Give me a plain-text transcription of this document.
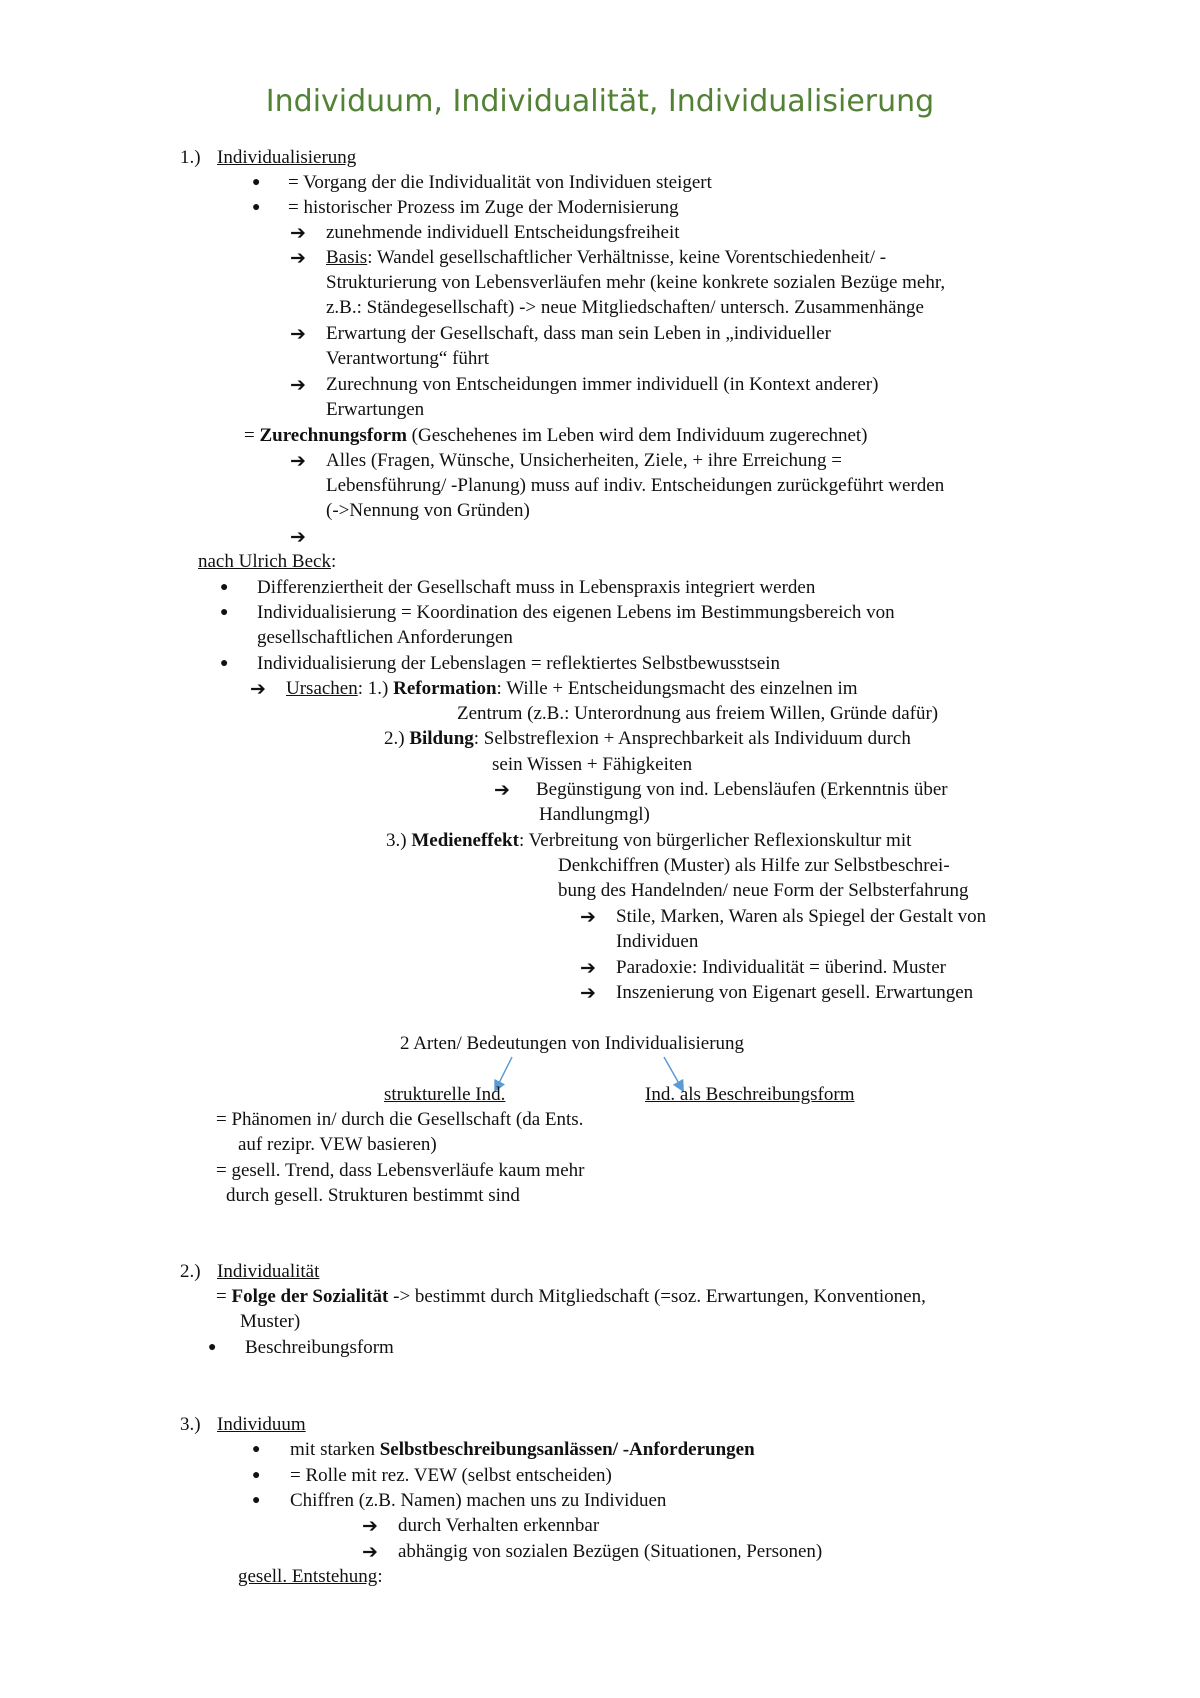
Individuum, Individualität, Individualisierung
1.) Individualisierung
● = Vorgang der die Individualität von Individuen steigert
● = historischer Prozess im Zuge der Modernisierung
➔ zunehmende individuell Entscheidungsfreiheit
➔ Basis: Wandel gesellschaftlicher Verhältnisse, keine Vorentschiedenheit/ -
Strukturierung von Lebensverläufen mehr (keine konkrete sozialen Bezüge mehr,
z.B.: Ständegesellschaft) -> neue Mitgliedschaften/ untersch. Zusammenhänge
➔ Erwartung der Gesellschaft, dass man sein Leben in „individueller
Verantwortung“ führt
➔ Zurechnung von Entscheidungen immer individuell (in Kontext anderer)
Erwartungen
= Zurechnungsform (Geschehenes im Leben wird dem Individuum zugerechnet)
➔ Alles (Fragen, Wünsche, Unsicherheiten, Ziele, + ihre Erreichung =
Lebensführung/ -Planung) muss auf indiv. Entscheidungen zurückgeführt werden
(->Nennung von Gründen)
➔
nach Ulrich Beck:
● Differenziertheit der Gesellschaft muss in Lebenspraxis integriert werden
● Individualisierung = Koordination des eigenen Lebens im Bestimmungsbereich von
gesellschaftlichen Anforderungen
● Individualisierung der Lebenslagen = reflektiertes Selbstbewusstsein
➔ Ursachen: 1.) Reformation: Wille + Entscheidungsmacht des einzelnen im
Zentrum (z.B.: Unterordnung aus freiem Willen, Gründe dafür)
2.) Bildung: Selbstreflexion + Ansprechbarkeit als Individuum durch
sein Wissen + Fähigkeiten
➔ Begünstigung von ind. Lebensläufen (Erkenntnis über
Handlungmgl)
3.) Medieneffekt: Verbreitung von bürgerlicher Reflexionskultur mit
Denkchiffren (Muster) als Hilfe zur Selbstbeschrei-
bung des Handelnden/ neue Form der Selbsterfahrung
➔ Stile, Marken, Waren als Spiegel der Gestalt von
Individuen
➔ Paradoxie: Individualität = überind. Muster
➔ Inszenierung von Eigenart gesell. Erwartungen
2 Arten/ Bedeutungen von Individualisierung
strukturelle Ind.	Ind. als Beschreibungsform
= Phänomen in/ durch die Gesellschaft (da Ents.
auf rezipr. VEW basieren)
= gesell. Trend, dass Lebensverläufe kaum mehr
durch gesell. Strukturen bestimmt sind
2.) Individualität
= Folge der Sozialität -> bestimmt durch Mitgliedschaft (=soz. Erwartungen, Konventionen,
Muster)
● Beschreibungsform
3.) Individuum
● mit starken Selbstbeschreibungsanlässen/ -Anforderungen
● = Rolle mit rez. VEW (selbst entscheiden)
● Chiffren (z.B. Namen) machen uns zu Individuen
➔ durch Verhalten erkennbar
➔ abhängig von sozialen Bezügen (Situationen, Personen)
gesell. Entstehung:
